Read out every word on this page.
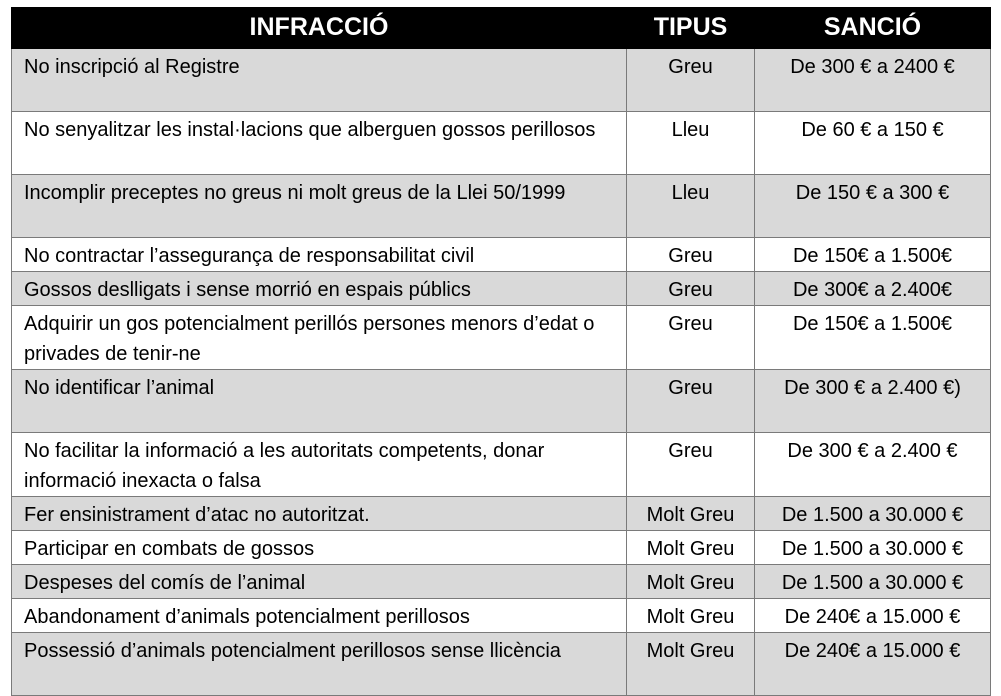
INFRACCIÓ	TIPUS	SANCIÓ
No inscripció al Registre	Greu	De 300 € a 2400 €
No senyalitzar les instal·lacions que alberguen gossos perillosos	Lleu	De 60 € a 150 €
Incomplir preceptes no greus ni molt greus de la Llei 50/1999	Lleu	De 150 € a 300 €
No contractar l’assegurança de responsabilitat civil	Greu	De 150€ a 1.500€
Gossos deslligats i sense morrió en espais públics	Greu	De 300€ a 2.400€
Adquirir un gos potencialment perillós persones menors d’edat o privades de tenir-ne	Greu	De 150€ a 1.500€
No identificar l’animal	Greu	De 300 € a 2.400 €)
No facilitar la informació a les autoritats competents, donar informació inexacta o falsa	Greu	De 300 € a 2.400 €
Fer ensinistrament d’atac no autoritzat.	Molt Greu	De 1.500 a 30.000 €
Participar en combats de gossos	Molt Greu	De 1.500 a 30.000 €
Despeses del comís de l’animal	Molt Greu	De 1.500 a 30.000 €
Abandonament d’animals potencialment perillosos	Molt Greu	De 240€ a 15.000 €
Possessió d’animals potencialment perillosos sense llicència	Molt Greu	De 240€ a 15.000 €
